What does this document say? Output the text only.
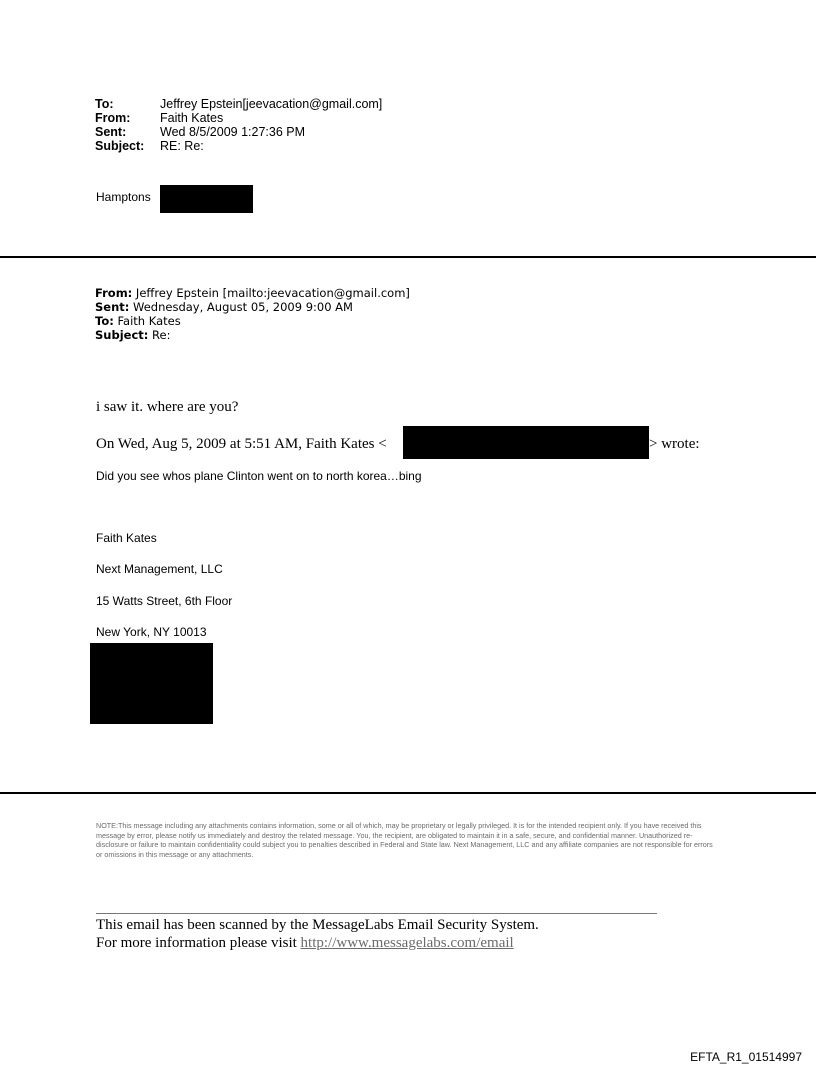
To:	Jeffrey Epstein[jeevacation@gmail.com]
From:	Faith Kates
Sent:	Wed 8/5/2009 1:27:36 PM
Subject:	RE: Re:
Hamptons
From: Jeffrey Epstein [mailto:jeevacation@gmail.com]
Sent: Wednesday, August 05, 2009 9:00 AM
To: Faith Kates
Subject: Re:
i saw it. where are you?
On Wed, Aug 5, 2009 at 5:51 AM, Faith Kates <	> wrote:
Did you see whos plane Clinton went on to north korea…bing
Faith Kates
Next Management, LLC
15 Watts Street, 6th Floor
New York, NY 10013
NOTE:This message including any attachments contains information, some or all of which, may be proprietary or legally privileged. It is for the intended recipient only. If you have received this message by error, please notify us immediately and destroy the related message. You, the recipient, are obligated to maintain it in a safe, secure, and confidential manner. Unauthorized re-disclosure or failure to maintain confidentiality could subject you to penalties described in Federal and State law. Next Management, LLC and any affiliate companies are not responsible for errors or omissions in this message or any attachments.
This email has been scanned by the MessageLabs Email Security System.
For more information please visit http://www.messagelabs.com/email
EFTA_R1_01514997
